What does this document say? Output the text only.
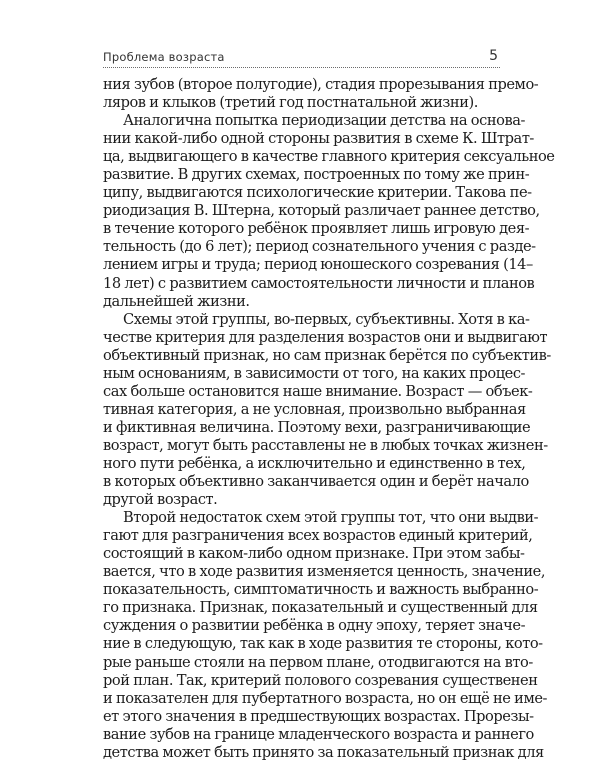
Проблема возраста	5

ния зубов (второе полугодие), стадия прорезывания премо-
ляров и клыков (третий год постнатальной жизни).

Аналогична попытка периодизации детства на основа-
нии какой-либо одной стороны развития в схеме К. Штрат-
ца, выдвигающего в качестве главного критерия сексуальное
развитие. В других схемах, построенных по тому же прин-
ципу, выдвигаются психологические критерии. Такова пе-
риодизация В. Штерна, который различает раннее детство,
в течение которого ребёнок проявляет лишь игровую дея-
тельность (до 6 лет); период сознательного учения с разде-
лением игры и труда; период юношеского созревания (14–
18 лет) с развитием самостоятельности личности и планов
дальнейшей жизни.

Схемы этой группы, во-первых, субъективны. Хотя в ка-
честве критерия для разделения возрастов они и выдвигают
объективный признак, но сам признак берётся по субъектив-
ным основаниям, в зависимости от того, на каких процес-
сах больше остановится наше внимание. Возраст — объек-
тивная категория, а не условная, произвольно выбранная
и фиктивная величина. Поэтому вехи, разграничивающие
возраст, могут быть расставлены не в любых точках жизнен-
ного пути ребёнка, а исключительно и единственно в тех,
в которых объективно заканчивается один и берёт начало
другой возраст.

Второй недостаток схем этой группы тот, что они выдви-
гают для разграничения всех возрастов единый критерий,
состоящий в каком-либо одном признаке. При этом забы-
вается, что в ходе развития изменяется ценность, значение,
показательность, симптоматичность и важность выбранно-
го признака. Признак, показательный и существенный для
суждения о развитии ребёнка в одну эпоху, теряет значе-
ние в следующую, так как в ходе развития те стороны, кото-
рые раньше стояли на первом плане, отодвигаются на вто-
рой план. Так, критерий полового созревания существенен
и показателен для пубертатного возраста, но он ещё не име-
ет этого значения в предшествующих возрастах. Прорезы-
вание зубов на границе младенческого возраста и раннего
детства может быть принято за показательный признак для
